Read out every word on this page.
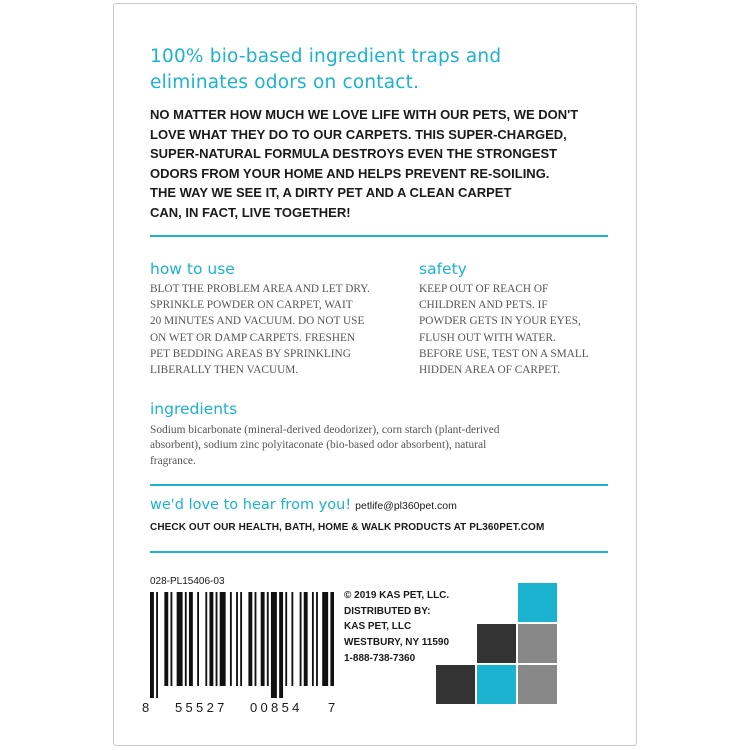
100% bio-based ingredient traps and
eliminates odors on contact.
NO MATTER HOW MUCH WE LOVE LIFE WITH OUR PETS, WE DON'T
LOVE WHAT THEY DO TO OUR CARPETS. THIS SUPER-CHARGED,
SUPER-NATURAL FORMULA DESTROYS EVEN THE STRONGEST
ODORS FROM YOUR HOME AND HELPS PREVENT RE-SOILING.
THE WAY WE SEE IT, A DIRTY PET AND A CLEAN CARPET
CAN, IN FACT, LIVE TOGETHER!
how to use
BLOT THE PROBLEM AREA AND LET DRY.
SPRINKLE POWDER ON CARPET, WAIT
20 MINUTES AND VACUUM. DO NOT USE
ON WET OR DAMP CARPETS. FRESHEN
PET BEDDING AREAS BY SPRINKLING
LIBERALLY THEN VACUUM.
safety
KEEP OUT OF REACH OF
CHILDREN AND PETS. IF
POWDER GETS IN YOUR EYES,
FLUSH OUT WITH WATER.
BEFORE USE, TEST ON A SMALL
HIDDEN AREA OF CARPET.
ingredients
Sodium bicarbonate (mineral-derived deodorizer), corn starch (plant-derived
absorbent), sodium zinc polyitaconate (bio-based odor absorbent), natural
fragrance.
we'd love to hear from you! petlife@pl360pet.com
CHECK OUT OUR HEALTH, BATH, HOME & WALK PRODUCTS AT PL360PET.COM
028-PL15406-03
8 55527 00854 7
© 2019 KAS PET, LLC.
DISTRIBUTED BY:
KAS PET, LLC
WESTBURY, NY 11590
1-888-738-7360
